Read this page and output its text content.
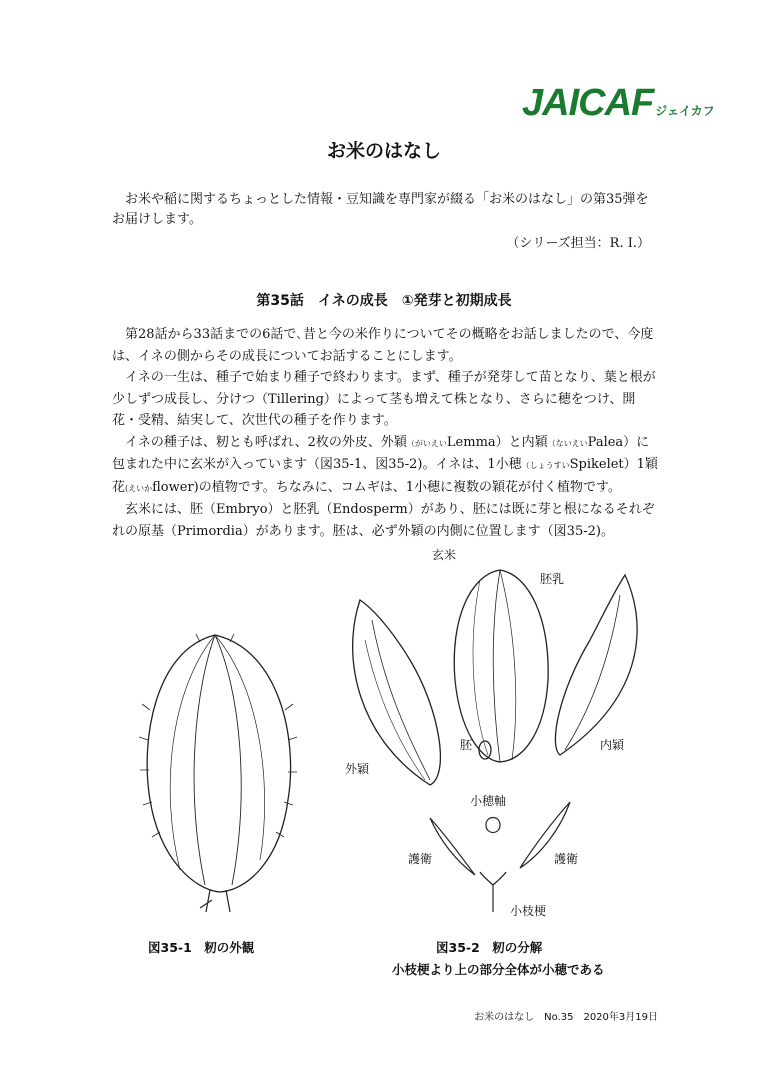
JAICAF ジェイカフ
お米のはなし
お米や稲に関するちょっとした情報・豆知識を専門家が綴る「お米のはなし」の第35弾をお届けします。
（シリーズ担当：R. I.）
第35話　イネの成長　①発芽と初期成長

第28話から33話までの6話で､昔と今の米作りについてその概略をお話しましたので、今度は、イネの側からその成長についてお話することにします。

イネの一生は、種子で始まり種子で終わります。まず、種子が発芽して苗となり、葉と根が少しずつ成長し、分けつ（Tillering）によって茎も増えて株となり、さらに穂をつけ、開花・受精、結実して、次世代の種子を作ります。

イネの種子は、籾とも呼ばれ、2枚の外皮、外穎（がいえいLemma）と内穎（ないえいPalea）に包まれた中に玄米が入っています（図35-1、図35-2)。イネは、1小穂（しょうすいSpikelet）1穎花(えいかflower)の植物です。ちなみに、コムギは、1小穂に複数の穎花が付く植物です。

玄米には、胚（Embryo）と胚乳（Endosperm）があり、胚には既に芽と根になるそれぞれの原基（Primordia）があります。胚は、必ず外穎の内側に位置します（図35-2)。

玄米
胚乳
胚	内穎
外穎
小穂軸
護衛	護衛
小枝梗
図35-1　籾の外観	図35-2　籾の分解
小枝梗より上の部分全体が小穂である
お米のはなし　No.35　2020年3月19日
